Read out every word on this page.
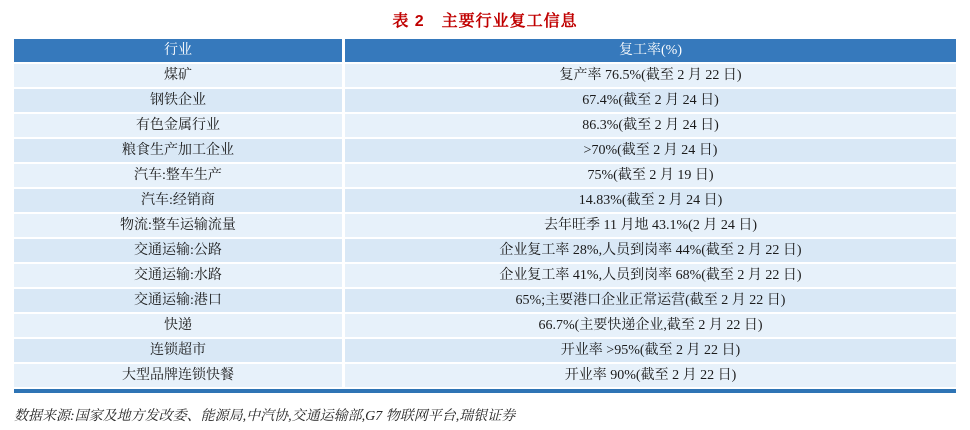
表 2　主要行业复工信息
行业	复工率(%)
煤矿	复产率 76.5%(截至 2 月 22 日)
钢铁企业	67.4%(截至 2 月 24 日)
有色金属行业	86.3%(截至 2 月 24 日)
粮食生产加工企业	>70%(截至 2 月 24 日)
汽车:整车生产	75%(截至 2 月 19 日)
汽车:经销商	14.83%(截至 2 月 24 日)
物流:整车运输流量	去年旺季 11 月地 43.1%(2 月 24 日)
交通运输:公路	企业复工率 28%,人员到岗率 44%(截至 2 月 22 日)
交通运输:水路	企业复工率 41%,人员到岗率 68%(截至 2 月 22 日)
交通运输:港口	65%;主要港口企业正常运营(截至 2 月 22 日)
快递	66.7%(主要快递企业,截至 2 月 22 日)
连锁超市	开业率 >95%(截至 2 月 22 日)
大型品牌连锁快餐	开业率 90%(截至 2 月 22 日)
数据来源:国家及地方发改委、能源局,中汽协,交通运输部,G7 物联网平台,瑞银证券
